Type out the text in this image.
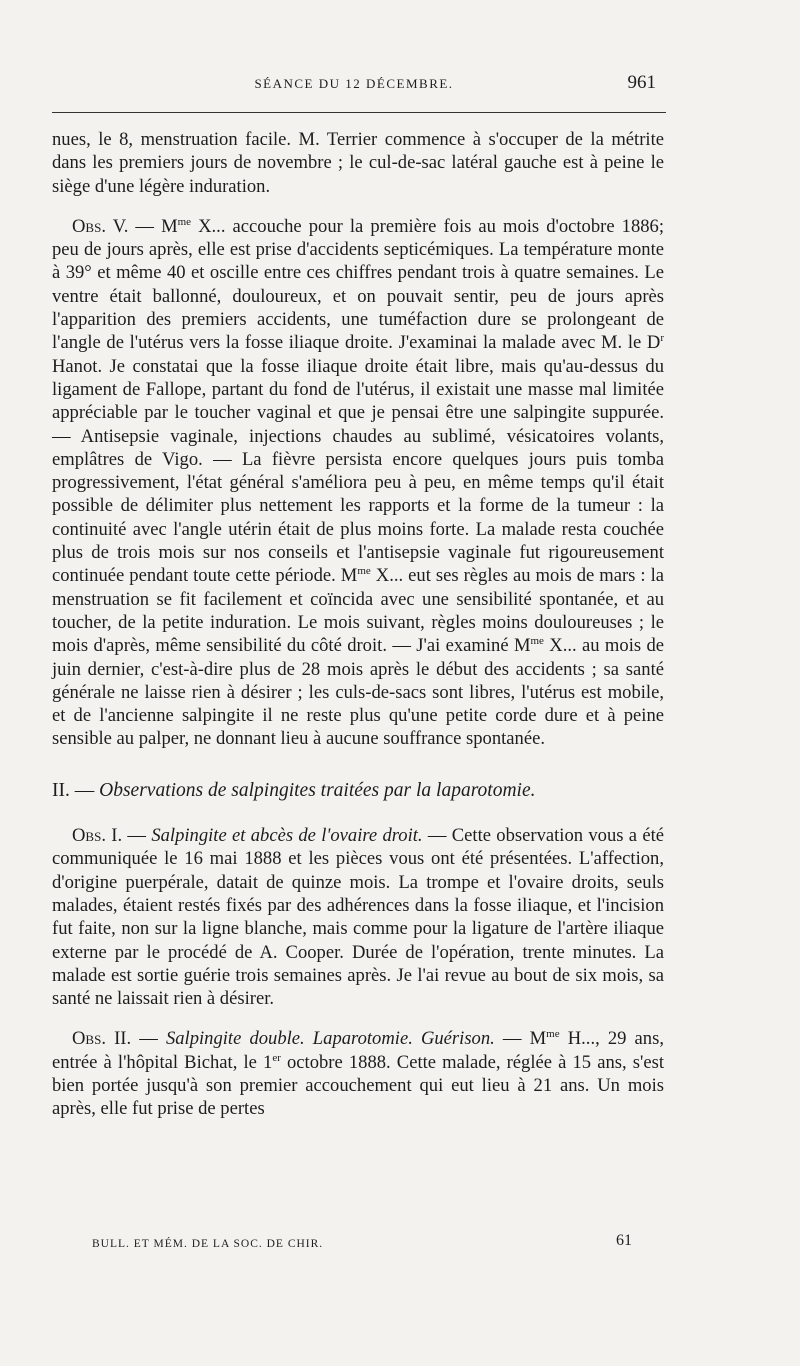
SÉANCE DU 12 DÉCEMBRE.	961

nues, le 8, menstruation facile. M. Terrier commence à s'occuper de la métrite dans les premiers jours de novembre ; le cul-de-sac latéral gauche est à peine le siège d'une légère induration.

Obs. V. — $M^{me}$ X... accouche pour la première fois au mois d'octobre 1886; peu de jours après, elle est prise d'accidents septicémiques. La température monte à 39° et même 40 et oscille entre ces chiffres pendant trois à quatre semaines. Le ventre était ballonné, douloureux, et on pouvait sentir, peu de jours après l'apparition des premiers accidents, une tuméfaction dure se prolongeant de l'angle de l'utérus vers la fosse iliaque droite. J'examinai la malade avec M. le $D^r$ Hanot. Je constatai que la fosse iliaque droite était libre, mais qu'au-dessus du ligament de Fallope, partant du fond de l'utérus, il existait une masse mal limitée appréciable par le toucher vaginal et que je pensai être une salpingite suppurée. — Antisepsie vaginale, injections chaudes au sublimé, vésicatoires volants, emplâtres de Vigo. — La fièvre persista encore quelques jours puis tomba progressivement, l'état général s'améliora peu à peu, en même temps qu'il était possible de délimiter plus nettement les rapports et la forme de la tumeur : la continuité avec l'angle utérin était de plus moins forte. La malade resta couchée plus de trois mois sur nos conseils et l'antisepsie vaginale fut rigoureusement continuée pendant toute cette période. $M^{me}$ X... eut ses règles au mois de mars : la menstruation se fit facilement et coïncida avec une sensibilité spontanée, et au toucher, de la petite induration. Le mois suivant, règles moins douloureuses ; le mois d'après, même sensibilité du côté droit. — J'ai examiné $M^{me}$ X... au mois de juin dernier, c'est-à-dire plus de 28 mois après le début des accidents ; sa santé générale ne laisse rien à désirer ; les culs-de-sacs sont libres, l'utérus est mobile, et de l'ancienne salpingite il ne reste plus qu'une petite corde dure et à peine sensible au palper, ne donnant lieu à aucune souffrance spontanée.

II. — Observations de salpingites traitées par la laparotomie.

Obs. I. — Salpingite et abcès de l'ovaire droit. — Cette observation vous a été communiquée le 16 mai 1888 et les pièces vous ont été présentées. L'affection, d'origine puerpérale, datait de quinze mois. La trompe et l'ovaire droits, seuls malades, étaient restés fixés par des adhérences dans la fosse iliaque, et l'incision fut faite, non sur la ligne blanche, mais comme pour la ligature de l'artère iliaque externe par le procédé de A. Cooper. Durée de l'opération, trente minutes. La malade est sortie guérie trois semaines après. Je l'ai revue au bout de six mois, sa santé ne laissait rien à désirer.

Obs. II. — Salpingite double. Laparotomie. Guérison. — $M^{me}$ H..., 29 ans, entrée à l'hôpital Bichat, le 1er octobre 1888. Cette malade, réglée à 15 ans, s'est bien portée jusqu'à son premier accouchement qui eut lieu à 21 ans. Un mois après, elle fut prise de pertes

BULL. ET MÉM. DE LA SOC. DE CHIR.	61
